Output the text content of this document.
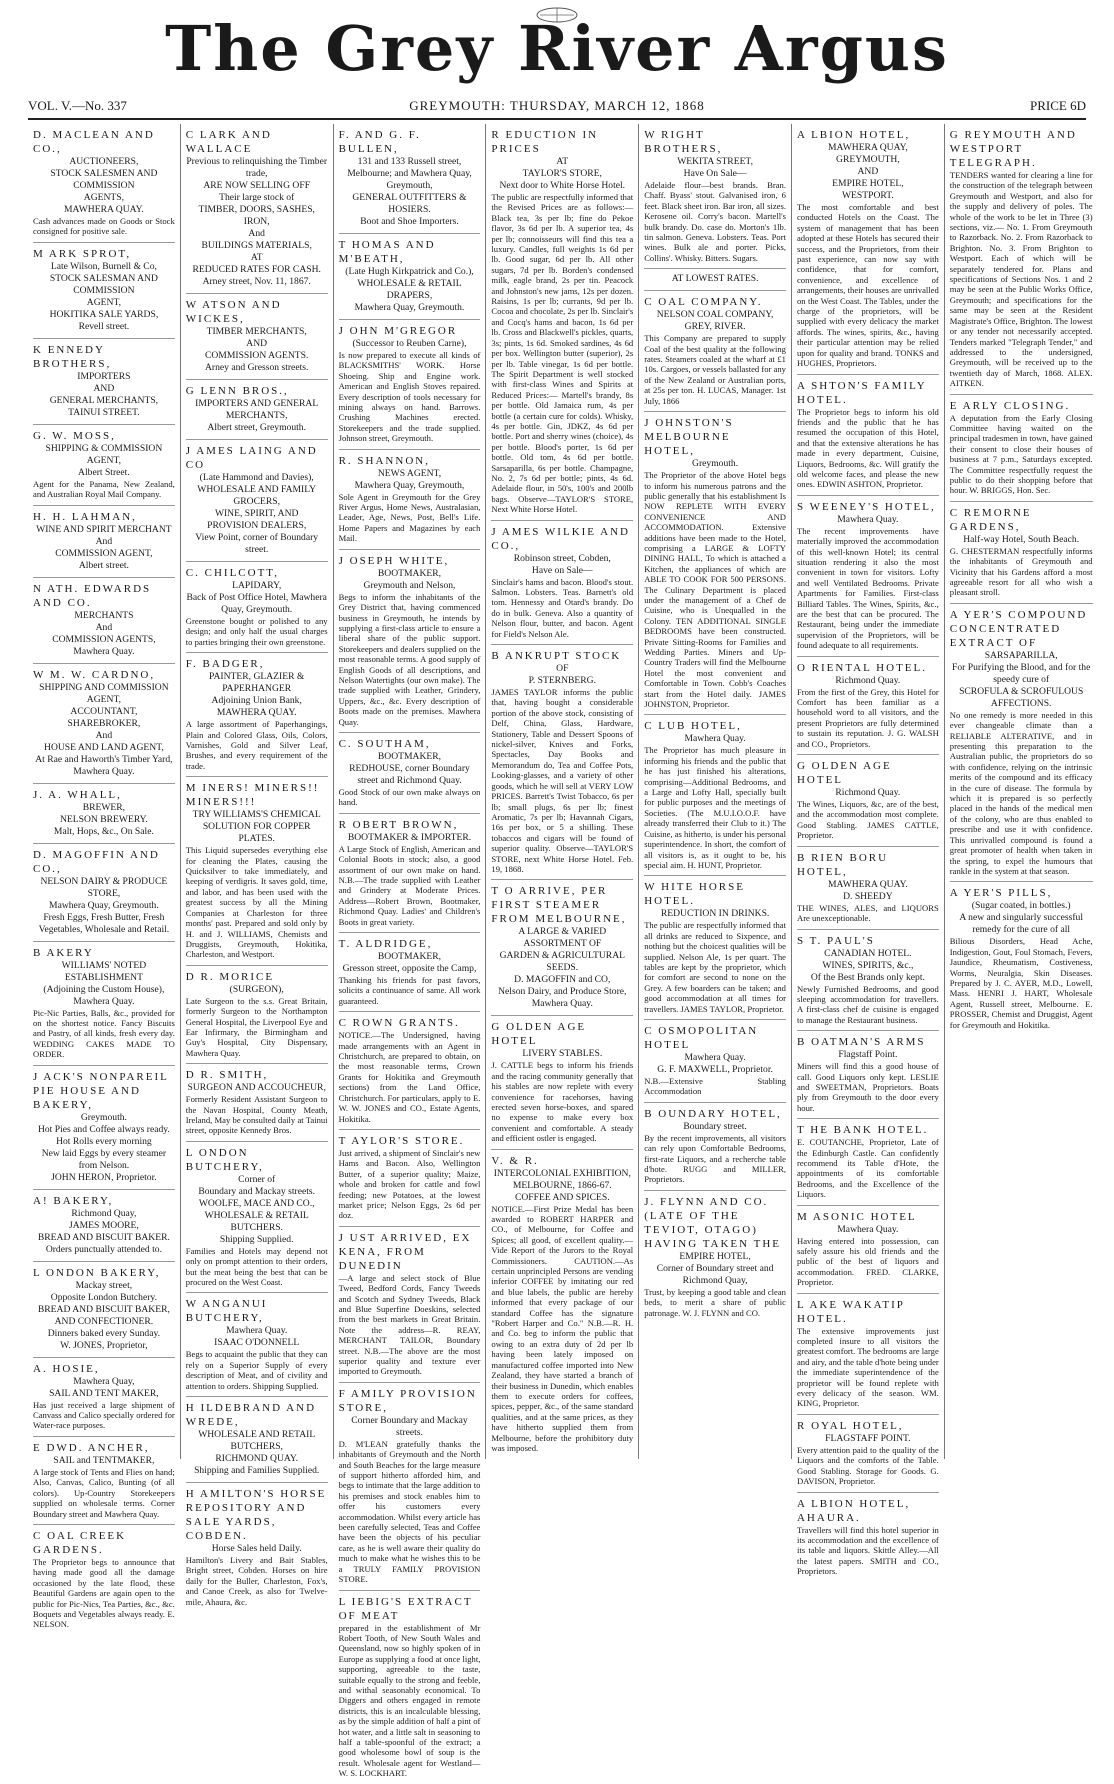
The Grey River Argus
VOL. V.—No. 337	GREYMOUTH: THURSDAY, MARCH 12, 1868	PRICE 6D
D. MACLEAN AND CO.,
AUCTIONEERS,
STOCK SALESMEN AND COMMISSION
AGENTS,
MAWHERA QUAY.
Cash advances made on Goods or Stock consigned for positive sale.
M ARK SPROT,
Late Wilson, Burnell & Co,
STOCK SALESMAN AND COMMISSION
AGENT,
HOKITIKA SALE YARDS,
Revell street.
K ENNEDY BROTHERS,
IMPORTERS
AND
GENERAL MERCHANTS,
TAINUI STREET.
G. W. MOSS,
SHIPPING & COMMISSION AGENT,
Albert Street.
Agent for the Panama, New Zealand, and Australian Royal Mail Company.
H. H. LAHMAN,
WINE AND SPIRIT MERCHANT
And
COMMISSION AGENT,
Albert street.
N ATH. EDWARDS AND CO.
MERCHANTS
And
COMMISSION AGENTS,
Mawhera Quay.
W M. W. CARDNO,
SHIPPING AND COMMISSION AGENT,
ACCOUNTANT, SHAREBROKER,
And
HOUSE AND LAND AGENT,
At Rae and Haworth's Timber Yard,
Mawhera Quay.
J. A. WHALL,
BREWER,
NELSON BREWERY.
Malt, Hops, &c., On Sale.
D. MAGOFFIN AND CO.,
NELSON DAIRY & PRODUCE STORE,
Mawhera Quay, Greymouth.
Fresh Eggs, Fresh Butter, Fresh Vegetables, Wholesale and Retail.
B AKERY
WILLIAMS' NOTED ESTABLISHMENT
(Adjoining the Custom House),
Mawhera Quay.
Pic-Nic Parties, Balls, &c., provided for on the shortest notice. Fancy Biscuits and Pastry, of all kinds, fresh every day. WEDDING CAKES MADE TO ORDER.
J ACK'S NONPAREIL PIE HOUSE AND BAKERY,
Greymouth.
Hot Pies and Coffee always ready.
Hot Rolls every morning
New laid Eggs by every steamer from Nelson.
JOHN HERON, Proprietor.
A! BAKERY,
Richmond Quay,
JAMES MOORE,
BREAD AND BISCUIT BAKER.
Orders punctually attended to.
L ONDON BAKERY,
Mackay street,
Opposite London Butchery.
BREAD AND BISCUIT BAKER, AND CONFECTIONER.
Dinners baked every Sunday.
W. JONES, Proprietor,
A. HOSIE,
Mawhera Quay,
SAIL AND TENT MAKER,
Has just received a large shipment of Canvass and Calico specially ordered for Water-race purposes.
E DWD. ANCHER,
SAIL and TENTMAKER,
A large stock of Tents and Flies on hand; Also, Canvas, Calico, Bunting (of all colors). Up-Country Storekeepers supplied on wholesale terms. Corner Boundary street and Mawhera Quay.
C OAL CREEK GARDENS.
The Proprietor begs to announce that having made good all the damage occasioned by the late flood, these Beautiful Gardens are again open to the public for Pic-Nics, Tea Parties, &c., &c. Boquets and Vegetables always ready. E. NELSON.
C LARK AND WALLACE
Previous to relinquishing the Timber trade,
ARE NOW SELLING OFF
Their large stock of
TIMBER, DOORS, SASHES, IRON,
And
BUILDINGS MATERIALS,
AT
REDUCED RATES FOR CASH.
Arney street, Nov. 11, 1867.
W ATSON AND WICKES,
TIMBER MERCHANTS,
AND
COMMISSION AGENTS.
Arney and Gresson streets.
G LENN BROS.,
IMPORTERS AND GENERAL
MERCHANTS,
Albert street, Greymouth.
J AMES LAING AND CO
(Late Hammond and Davies),
WHOLESALE AND FAMILY GROCERS,
WINE, SPIRIT, AND
PROVISION DEALERS,
View Point, corner of Boundary street.
C. CHILCOTT,
LAPIDARY,
Back of Post Office Hotel, Mawhera Quay, Greymouth.
Greenstone bought or polished to any design; and only half the usual charges to parties bringing their own greenstone.
F. BADGER,
PAINTER, GLAZIER & PAPERHANGER
Adjoining Union Bank,
MAWHERA QUAY.
A large assortment of Paperhangings, Plain and Colored Glass, Oils, Colors, Varnishes, Gold and Silver Leaf, Brushes, and every requirement of the trade.
M INERS! MINERS!! MINERS!!!
TRY WILLIAMS'S CHEMICAL SOLUTION FOR COPPER PLATES.
This Liquid supersedes everything else for cleaning the Plates, causing the Quicksilver to take immediately, and keeping of verdigris. It saves gold, time, and labor, and has been used with the greatest success by all the Mining Companies at Charleston for three months' past. Prepared and sold only by H. and J. WILLIAMS, Chemists and Druggists, Greymouth, Hokitika, Charleston, and Westport.
D R. MORICE
(SURGEON),
Late Surgeon to the s.s. Great Britain, formerly Surgeon to the Northampton General Hospital, the Liverpool Eye and Ear Infirmary, the Birmingham and Guy's Hospital, City Dispensary, Mawhera Quay.
D R. SMITH,
SURGEON AND ACCOUCHEUR,
Formerly Resident Assistant Surgeon to the Navan Hospital, County Meath, Ireland, May be consulted daily at Tainui street, opposite Kennedy Bros.
L ONDON BUTCHERY,
Corner of
Boundary and Mackay streets.
WOOLFE, MACE AND CO.,
WHOLESALE & RETAIL BUTCHERS.
Shipping Supplied.
Families and Hotels may depend not only on prompt attention to their orders, but the meat being the best that can be procured on the West Coast.
W ANGANUI BUTCHERY,
Mawhera Quay.
ISAAC O'DONNELL
Begs to acquaint the public that they can rely on a Superior Supply of every description of Meat, and of civility and attention to orders. Shipping Supplied.
H ILDEBRAND AND WREDE,
WHOLESALE AND RETAIL
BUTCHERS,
RICHMOND QUAY.
Shipping and Families Supplied.
H AMILTON'S HORSE REPOSITORY AND SALE YARDS, COBDEN.
Horse Sales held Daily.
Hamilton's Livery and Bait Stables, Bright street, Cobden. Horses on hire daily for the Buller, Charleston, Fox's, and Canoe Creek, as also for Twelve-mile, Ahaura, &c.
F. AND G. F. BULLEN,
131 and 133 Russell street, Melbourne; and Mawhera Quay, Greymouth,
GENERAL OUTFITTERS & HOSIERS.
Boot and Shoe Importers.
T HOMAS AND M'BEATH,
(Late Hugh Kirkpatrick and Co.),
WHOLESALE & RETAIL DRAPERS,
Mawhera Quay, Greymouth.
J OHN M'GREGOR
(Successor to Reuben Carne),
Is now prepared to execute all kinds of BLACKSMITHS' WORK. Horse Shoeing. Ship and Engine work. American and English Stoves repaired. Every description of tools necessary for mining always on hand. Barrows. Crushing Machines erected. Storekeepers and the trade supplied. Johnson street, Greymouth.
R. SHANNON,
NEWS AGENT,
Mawhera Quay, Greymouth,
Sole Agent in Greymouth for the Grey River Argus, Home News, Australasian, Leader, Age, News, Post, Bell's Life. Home Papers and Magazines by each Mail.
J OSEPH WHITE,
BOOTMAKER,
Greymouth and Nelson,
Begs to inform the inhabitants of the Grey District that, having commenced business in Greymouth, he intends by supplying a first-class article to ensure a liberal share of the public support. Storekeepers and dealers supplied on the most reasonable terms. A good supply of English Goods of all descriptions, and Nelson Watertights (our own make). The trade supplied with Leather, Grindery, Uppers, &c., &c. Every description of Boots made on the premises. Mawhera Quay.
C. SOUTHAM,
BOOTMAKER,
REDHOUSE, corner Boundary street and Richmond Quay.
Good Stock of our own make always on hand.
R OBERT BROWN,
BOOTMAKER & IMPORTER.
A Large Stock of English, American and Colonial Boots in stock; also, a good assortment of our own make on hand. N.B.—The trade supplied with Leather and Grindery at Moderate Prices. Address—Robert Brown, Bootmaker, Richmond Quay. Ladies' and Children's Boots in great variety.
T. ALDRIDGE,
BOOTMAKER,
Gresson street, opposite the Camp,
Thanking his friends for past favors, solicits a continuance of same. All work guaranteed.
C ROWN GRANTS.
NOTICE.—The Undersigned, having made arrangements with an Agent in Christchurch, are prepared to obtain, on the most reasonable terms, Crown Grants for Hokitika and Greymouth sections) from the Land Office, Christchurch. For particulars, apply to E. W. W. JONES and CO., Estate Agents, Hokitika.
T AYLOR'S STORE.
Just arrived, a shipment of Sinclair's new Hams and Bacon. Also, Wellington Butter, of a superior quality; Maize, whole and broken for cattle and fowl feeding; new Potatoes, at the lowest market price; Nelson Eggs, 2s 6d per doz.
J UST ARRIVED, EX KENA, FROM DUNEDIN
—A large and select stock of Blue Tweed, Bedford Cords, Fancy Tweeds and Scotch and Sydney Tweeds, Black and Blue Superfine Doeskins, selected from the best markets in Great Britain. Note the address—R. REAY, MERCHANT TAILOR, Boundary street. N.B.—The above are the most superior quality and texture ever imported to Greymouth.
F AMILY PROVISION STORE,
Corner Boundary and Mackay streets.
D. M'LEAN gratefully thanks the inhabitants of Greymouth and the North and South Beaches for the large measure of support hitherto afforded him, and begs to intimate that the large addition to his premises and stock enables him to offer his customers every accommodation. Whilst every article has been carefully selected, Teas and Coffee have been the objects of his peculiar care, as he is well aware their quality do much to make what he wishes this to be a TRULY FAMILY PROVISION STORE.
L IEBIG'S EXTRACT OF MEAT
prepared in the establishment of Mr Robert Tooth, of New South Wales and Queensland, now so highly spoken of in Europe as supplying a food at once light, supporting, agreeable to the taste, suitable equally to the strong and feeble, and withal seasonably economical. To Diggers and others engaged in remote districts, this is an incalculable blessing, as by the simple addition of half a pint of hot water, and a little salt in seasoning to half a table-spoonful of the extract; a good wholesome bowl of soup is the result. Wholesale agent for Westland—W. S. LOCKHART.
R EDUCTION IN PRICES
AT
TAYLOR'S STORE,
Next door to White Horse Hotel.
The public are respectfully informed that the Revised Prices are as follows:— Black tea, 3s per lb; fine do Pekoe flavor, 3s 6d per lb. A superior tea, 4s per lb; connoisseurs will find this tea a luxury. Candles, full weights 1s 6d per lb. Good sugar, 6d per lb. All other sugars, 7d per lb. Borden's condensed milk, eagle brand, 2s per tin. Peacock and Johnston's new jams, 12s per dozen. Raisins, 1s per lb; currants, 9d per lb. Cocoa and chocolate, 2s per lb. Sinclair's and Cocq's hams and bacon, 1s 6d per lb. Cross and Blackwell's pickles, quarts, 3s; pints, 1s 6d. Smoked sardines, 4s 6d per box. Wellington butter (superior), 2s per lb. Table vinegar, 1s 6d per bottle. The Spirit Department is well stocked with first-class Wines and Spirits at Reduced Prices:— Martell's brandy, 8s per bottle. Old Jamaica rum, 4s per bottle (a certain cure for colds). Whisky, 4s per bottle. Gin, JDKZ, 4s 6d per bottle. Port and sherry wines (choice), 4s per bottle. Blood's porter, 1s 6d per bottle. Old tom, 4s 6d per bottle. Sarsaparilla, 6s per bottle. Champagne, No. 2, 7s 6d per bottle; pints, 4s 6d. Adelaide flour, in 50's, 100's and 200lb bags. Observe—TAYLOR'S STORE, Next White Horse Hotel.
J AMES WILKIE AND CO.,
Robinson street, Cobden,
Have on Sale—
Sinclair's hams and bacon. Blood's stout. Salmon. Lobsters. Teas. Barnett's old tom. Hennessy and Otard's brandy. Do do in bulk. Geneva. Also a quantity of Nelson flour, butter, and bacon. Agent for Field's Nelson Ale.
B ANKRUPT STOCK
OF
P. STERNBERG.
JAMES TAYLOR informs the public that, having bought a considerable portion of the above stock, consisting of Delf, China, Glass, Hardware, Stationery, Table and Dessert Spoons of nickel-silver, Knives and Forks, Spectacles, Day Books and Memorandum do, Tea and Coffee Pots, Looking-glasses, and a variety of other goods, which he will sell at VERY LOW PRICES. Barrett's Twist Tobacco, 6s per lb; small plugs, 6s per lb; finest Aromatic, 7s per lb; Havannah Cigars, 16s per box, or 5 a shilling. These tobaccos and cigars will be found of superior quality. Observe—TAYLOR'S STORE, next White Horse Hotel. Feb. 19, 1868.
T O ARRIVE, PER FIRST STEAMER FROM MELBOURNE,
A LARGE & VARIED ASSORTMENT OF
GARDEN & AGRICULTURAL SEEDS.
D. MAGOFFIN and CO,
Nelson Dairy, and Produce Store,
Mawhera Quay.
G OLDEN AGE HOTEL
LIVERY STABLES.
J. CATTLE begs to inform his friends and the racing community generally that his stables are now replete with every convenience for racehorses, having erected seven horse-boxes, and spared no expense to make every box convenient and comfortable. A steady and efficient ostler is engaged.
V. & R.
INTERCOLONIAL EXHIBITION,
MELBOURNE, 1866-67.
COFFEE AND SPICES.
NOTICE.—First Prize Medal has been awarded to ROBERT HARPER and CO., of Melbourne, for Coffee and Spices; all good, of excellent quality.—Vide Report of the Jurors to the Royal Commissioners. CAUTION.—As certain unprincipled Persons are vending inferior COFFEE by imitating our red and blue labels, the public are hereby informed that every package of our standard Coffee has the signature "Robert Harper and Co." N.B.—R. H. and Co. beg to inform the public that owing to an extra duty of 2d per lb having been lately imposed on manufactured coffee imported into New Zealand, they have started a branch of their business in Dunedin, which enables them to execute orders for coffees, spices, pepper, &c., of the same standard qualities, and at the same prices, as they have hitherto supplied them from Melbourne, before the prohibitory duty was imposed.
W RIGHT BROTHERS,
WEKITA STREET,
Have On Sale—
Adelaide flour—best brands. Bran. Chaff. Byass' stout. Galvanised iron, 6 feet. Black sheet iron. Bar iron, all sizes. Kerosene oil. Corry's bacon. Martell's bulk brandy. Do. case do. Morton's 1lb. tin salmon. Geneva. Lobsters. Teas. Port wines. Bulk ale and porter. Picks, Collins'. Whisky. Bitters. Sugars.
AT LOWEST RATES.
C OAL COMPANY.
NELSON COAL COMPANY, GREY, RIVER.
This Company are prepared to supply Coal of the best quality at the following rates. Steamers coaled at the wharf at £1 10s. Cargoes, or vessels ballasted for any of the New Zealand or Australian ports, at 25s per ton. H. LUCAS, Manager. 1st July, 1866
J OHNSTON'S MELBOURNE HOTEL,
Greymouth.
The Proprietor of the above Hotel begs to inform his numerous patrons and the public generally that his establishment Is NOW REPLETE WITH EVERY CONVENIENCE AND ACCOMMODATION. Extensive additions have been made to the Hotel, comprising a LARGE & LOFTY DINING HALL, To which is attached a Kitchen, the appliances of which are ABLE TO COOK FOR 500 PERSONS. The Culinary Department is placed under the management of a Chef de Cuisine, who is Unequalled in the Colony. TEN ADDITIONAL SINGLE BEDROOMS have been constructed. Private Sitting-Rooms for Families and Wedding Parties. Miners and Up-Country Traders will find the Melbourne Hotel the most convenient and Comfortable in Town. Cobb's Coaches start from the Hotel daily. JAMES JOHNSTON, Proprietor.
C LUB HOTEL,
Mawhera Quay.
The Proprietor has much pleasure in informing his friends and the public that he has just finished his alterations, comprising—Additional Bedrooms, and a Large and Lofty Hall, specially built for public purposes and the meetings of Societies. (The M.U.I.O.O.F. have already transferred their Club to it.) The Cuisine, as hitherto, is under his personal superintendence. In short, the comfort of all visitors is, as it ought to be, his special aim. H. HUNT, Proprietor.
W HITE HORSE HOTEL.
REDUCTION IN DRINKS.
The public are respectfully informed that all drinks are reduced to Sixpence, and nothing but the choicest qualities will be supplied. Nelson Ale, 1s per quart. The tables are kept by the proprietor, which for comfort are second to none on the Grey. A few boarders can be taken; and good accommodation at all times for travellers. JAMES TAYLOR, Proprietor.
C OSMOPOLITAN HOTEL
Mawhera Quay.
G. F. MAXWELL, Proprietor.
N.B.—Extensive Stabling Accommodation
B OUNDARY HOTEL,
Boundary street.
By the recent improvements, all visitors can rely upon Comfortable Bedrooms, first-rate Liquors, and a recherche table d'hote. RUGG and MILLER, Proprietors.
J. FLYNN AND CO. (LATE OF THE TEVIOT, OTAGO) HAVING TAKEN THE
EMPIRE HOTEL,
Corner of Boundary street and Richmond Quay,
Trust, by keeping a good table and clean beds, to merit a share of public patronage. W. J. FLYNN and CO.
A LBION HOTEL,
MAWHERA QUAY, GREYMOUTH,
AND
EMPIRE HOTEL,
WESTPORT.
The most comfortable and best conducted Hotels on the Coast. The system of management that has been adopted at these Hotels has secured their success, and the Proprietors, from their past experience, can now say with confidence, that for comfort, convenience, and excellence of arrangements, their houses are unrivalled on the West Coast. The Tables, under the charge of the proprietors, will be supplied with every delicacy the market affords. The wines, spirits, &c., having their particular attention may be relied upon for quality and brand. TONKS and HUGHES, Proprietors.
A SHTON'S FAMILY HOTEL.
The Proprietor begs to inform his old friends and the public that he has resumed the occupation of this Hotel, and that the extensive alterations he has made in every department, Cuisine, Liquors, Bedrooms, &c. Will gratify the old welcome faces, and please the new ones. EDWIN ASHTON, Proprietor.
S WEENEY'S HOTEL,
Mawhera Quay.
The recent improvements have materially improved the accommodation of this well-known Hotel; its central situation rendering it also the most convenient in town for visitors. Lofty and well Ventilated Bedrooms. Private Apartments for Families. First-class Billiard Tables. The Wines, Spirits, &c., are the best that can be procured. The Restaurant, being under the immediate supervision of the Proprietors, will be found adequate to all requirements.
O RIENTAL HOTEL.
Richmond Quay.
From the first of the Grey, this Hotel for Comfort has been familiar as a household word to all visitors, and the present Proprietors are fully determined to sustain its reputation. J. G. WALSH and CO., Proprietors.
G OLDEN AGE HOTEL
Richmond Quay.
The Wines, Liquors, &c, are of the best, and the accommodation most complete. Good Stabling. JAMES CATTLE, Proprietor.
B RIEN BORU HOTEL,
MAWHERA QUAY.
D. SHEEDY
THE WINES, ALES, and LIQUORS Are unexceptionable.
S T. PAUL'S
CANADIAN HOTEL.
WINES, SPIRITS, &c.,
Of the Best Brands only kept.
Newly Furnished Bedrooms, and good sleeping accommodation for travellers. A first-class chef de cuisine is engaged to manage the Restaurant business.
B OATMAN'S ARMS
Flagstaff Point.
Miners will find this a good house of call. Good Liquors only kept. LESLIE and SWEETMAN, Proprietors. Boats ply from Greymouth to the door every hour.
T HE BANK HOTEL.
E. COUTANCHE, Proprietor, Late of the Edinburgh Castle. Can confidently recommend its Table d'Hote, the appointments of its comfortable Bedrooms, and the Excellence of the Liquors.
M ASONIC HOTEL
Mawhera Quay.
Having entered into possession, can safely assure his old friends and the public of the best of liquors and accommodation. FRED. CLARKE, Proprietor.
L AKE WAKATIP HOTEL.
The extensive improvements just completed insure to all visitors the greatest comfort. The bedrooms are large and airy, and the table d'hote being under the immediate superintendence of the proprietor will be found replete with every delicacy of the season. WM. KING, Proprietor.
R OYAL HOTEL,
FLAGSTAFF POINT.
Every attention paid to the quality of the Liquors and the comforts of the Table. Good Stabling. Storage for Goods. G. DAVISON, Proprietor.
A LBION HOTEL, AHAURA.
Travellers will find this hotel superior in its accommodation and the excellence of its table and liquors. Skittle Alley.—All the latest papers. SMITH and CO., Proprietors.
G REYMOUTH AND WESTPORT TELEGRAPH.
TENDERS wanted for clearing a line for the construction of the telegraph between Greymouth and Westport, and also for the supply and delivery of poles. The whole of the work to be let in Three (3) sections, viz.— No. 1. From Greymouth to Razorback. No. 2. From Razorback to Brighton. No. 3. From Brighton to Westport. Each of which will be separately tendered for. Plans and specifications of Sections Nos. 1 and 2 may be seen at the Public Works Office, Greymouth; and specifications for the same may be seen at the Resident Magistrate's Office, Brighton. The lowest or any tender not necessarily accepted. Tenders marked "Telegraph Tender," and addressed to the undersigned, Greymouth, will be received up to the twentieth day of March, 1868. ALEX. AITKEN.
E ARLY CLOSING.
A deputation from the Early Closing Committee having waited on the principal tradesmen in town, have gained their consent to close their houses of business at 7 p.m., Saturdays excepted. The Committee respectfully request the public to do their shopping before that hour. W. BRIGGS, Hon. Sec.
C REMORNE GARDENS,
Half-way Hotel, South Beach.
G. CHESTERMAN respectfully informs the inhabitants of Greymouth and Vicinity that his Gardens afford a most agreeable resort for all who wish a pleasant stroll.
A YER'S COMPOUND CONCENTRATED EXTRACT OF
SARSAPARILLA,
For Purifying the Blood, and for the speedy cure of
SCROFULA & SCROFULOUS AFFECTIONS.
No one remedy is more needed in this ever changeable climate than a RELIABLE ALTERATIVE, and in presenting this preparation to the Australian public, the proprietors do so with confidence, relying on the intrinsic merits of the compound and its efficacy in the cure of disease. The formula by which it is prepared is so perfectly placed in the hands of the medical men of the colony, who are thus enabled to prescribe and use it with confidence. This unrivalled compound is found a great promoter of health when taken in the spring, to expel the humours that rankle in the system at that season.
A YER'S PILLS,
(Sugar coated, in bottles.)
A new and singularly successful remedy for the cure of all
Bilious Disorders, Head Ache, Indigestion, Gout, Foul Stomach, Fevers, Jaundice, Rheumatism, Costiveness, Worms, Neuralgia, Skin Diseases. Prepared by J. C. AYER, M.D., Lowell, Mass. HENRI J. HART, Wholesale Agent, Russell street, Melbourne. E. PROSSER, Chemist and Druggist, Agent for Greymouth and Hokitika.
